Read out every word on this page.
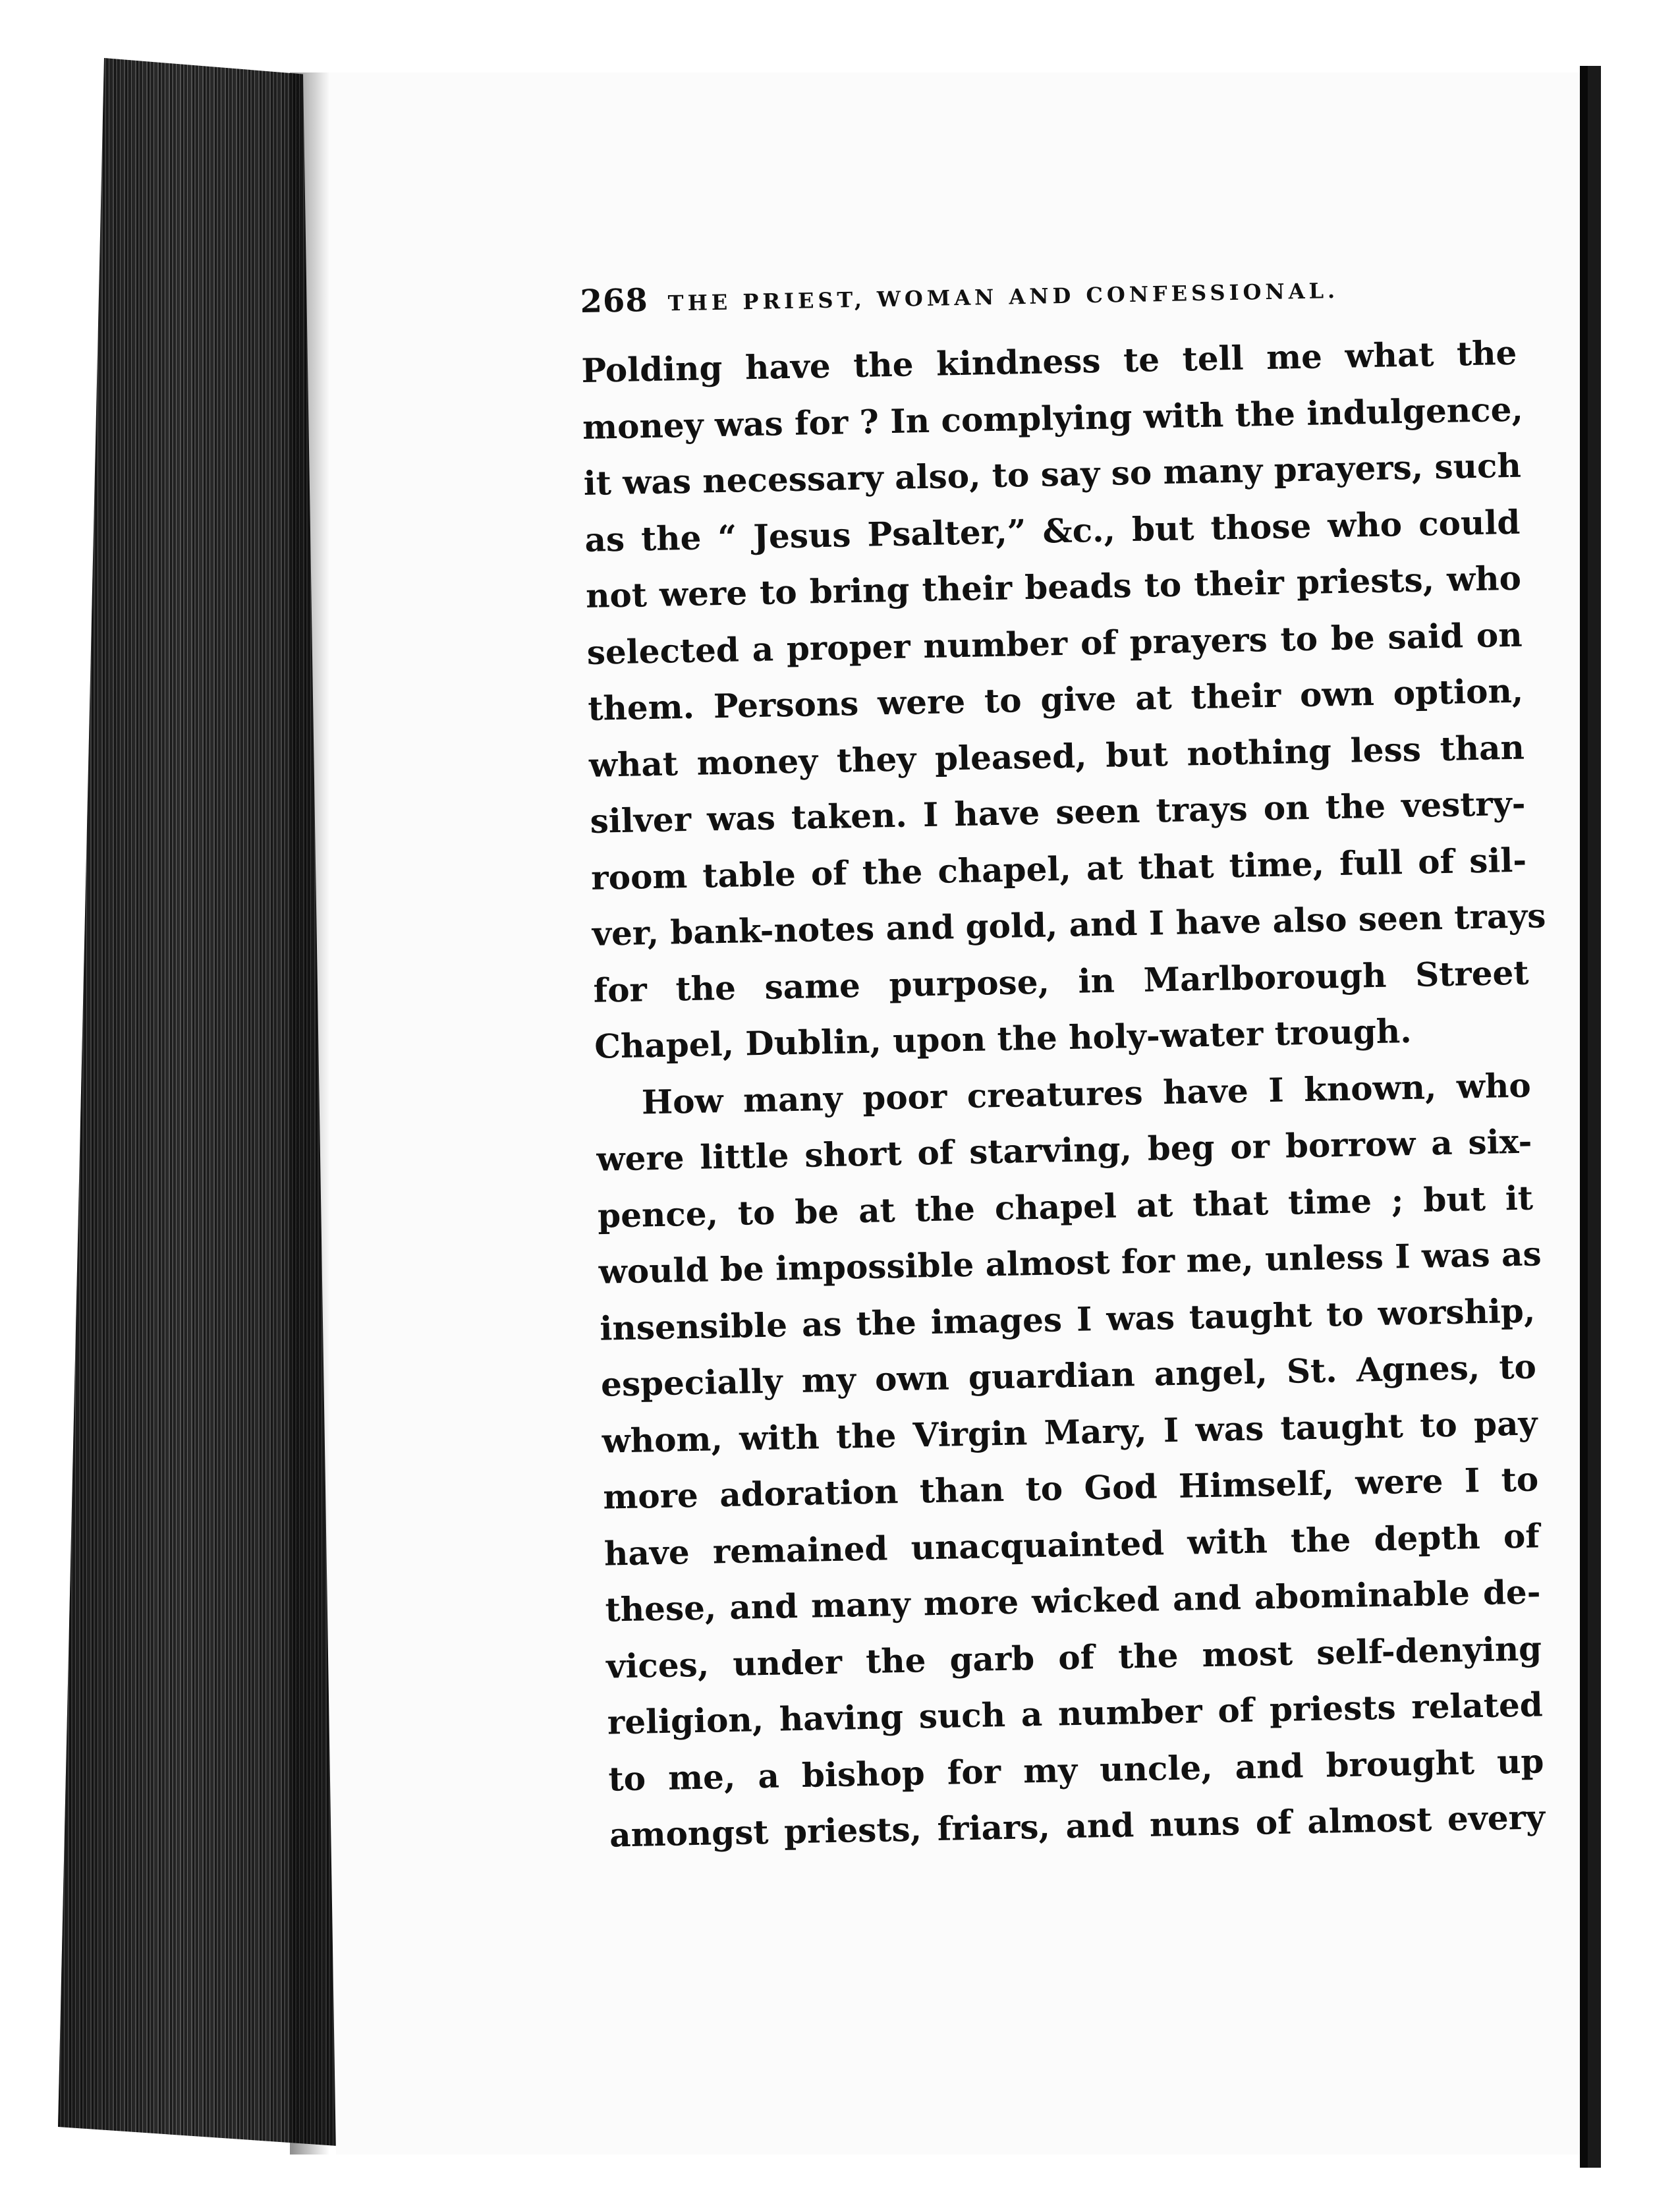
268 THE PRIEST, WOMAN AND CONFESSIONAL.
Polding have the kindness te tell me what the
money was for ? In complying with the indulgence,
it was necessary also, to say so many prayers, such
as the “ Jesus Psalter,” &c., but those who could
not were to bring their beads to their priests, who
selected a proper number of prayers to be said on
them. Persons were to give at their own option,
what money they pleased, but nothing less than
silver was taken. I have seen trays on the vestry-
room table of the chapel, at that time, full of sil-
ver, bank-notes and gold, and I have also seen trays
for the same purpose, in Marlborough Street
Chapel, Dublin, upon the holy-water trough.
How many poor creatures have I known, who
were little short of starving, beg or borrow a six-
pence, to be at the chapel at that time ; but it
would be impossible almost for me, unless I was as
insensible as the images I was taught to worship,
especially my own guardian angel, St. Agnes, to
whom, with the Virgin Mary, I was taught to pay
more adoration than to God Himself, were I to
have remained unacquainted with the depth of
these, and many more wicked and abominable de-
vices, under the garb of the most self-denying
religion, having such a number of priests related
to me, a bishop for my uncle, and brought up
amongst priests, friars, and nuns of almost every
